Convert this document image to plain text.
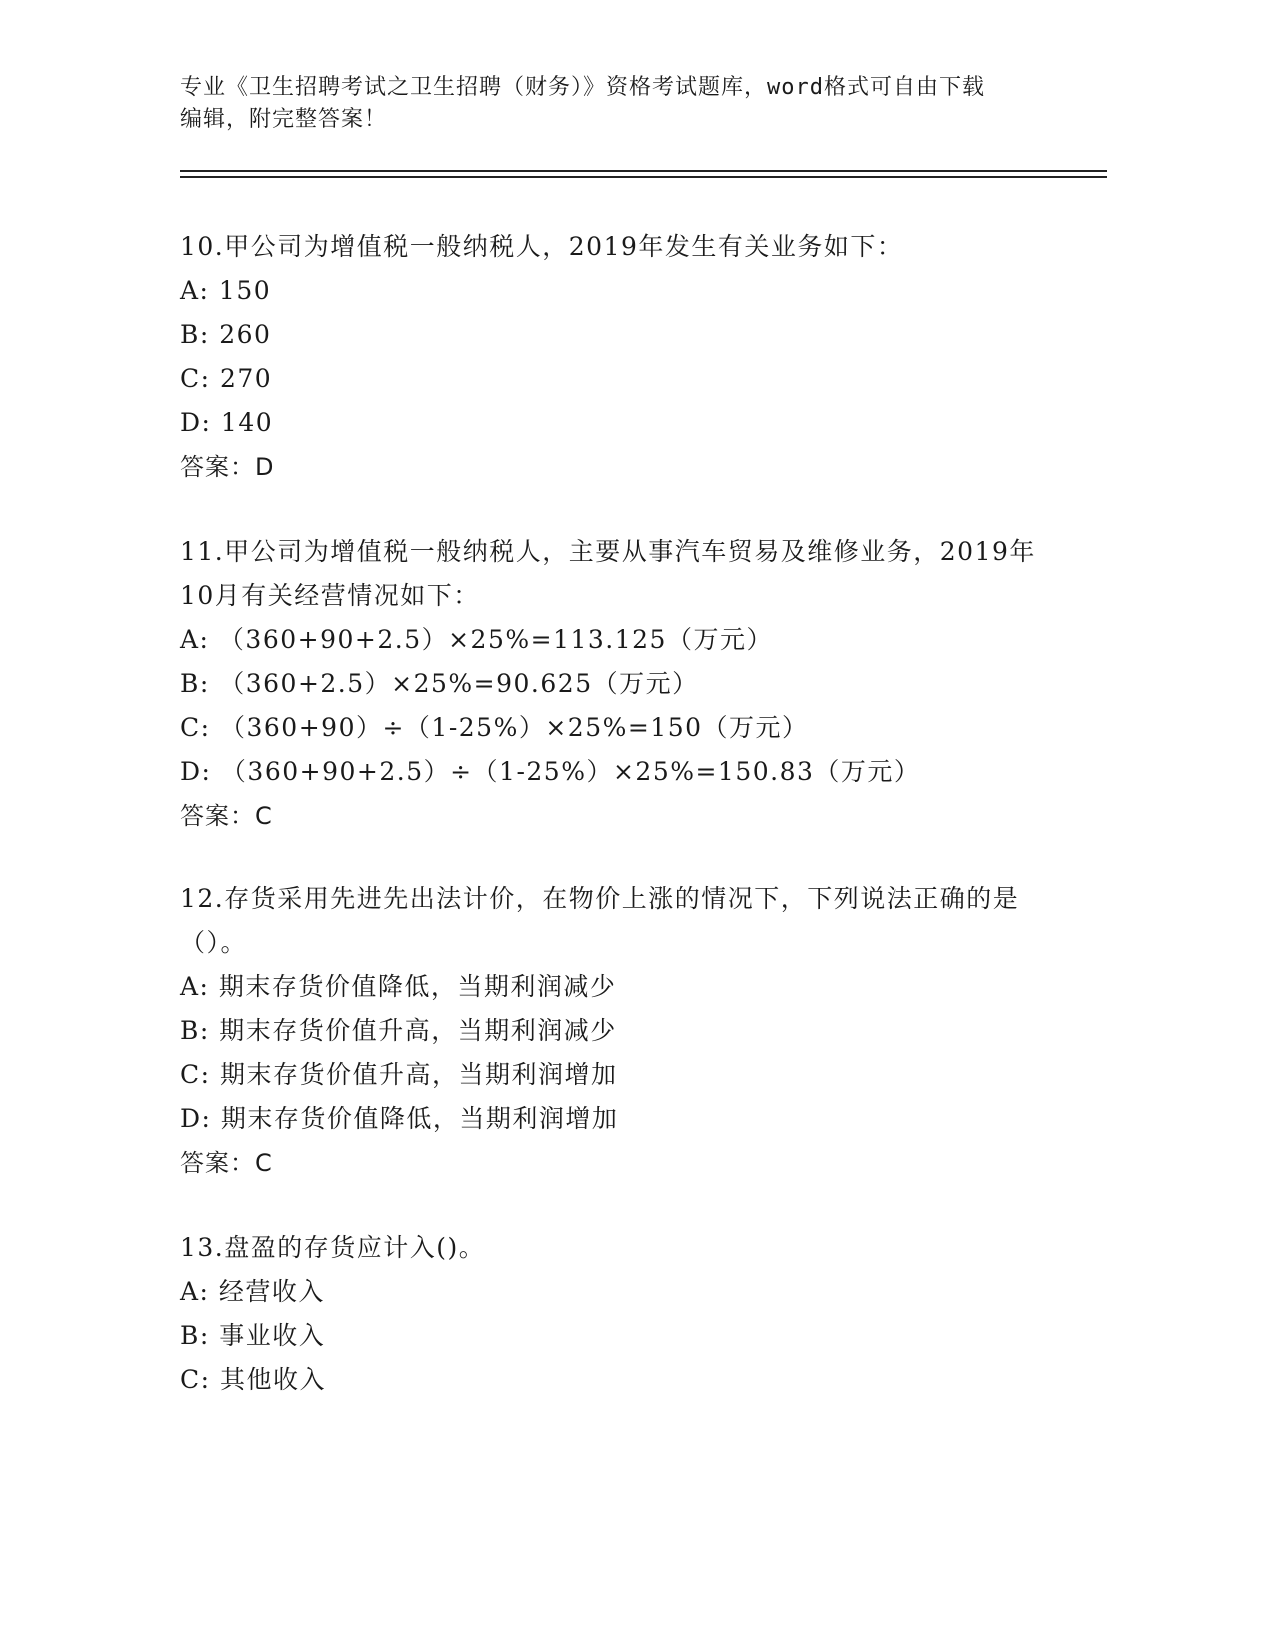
专业《卫生招聘考试之卫生招聘（财务）》资格考试题库，word格式可自由下载
编辑，附完整答案！

10.甲公司为增值税一般纳税人，2019年发生有关业务如下：

A: 150

B: 260

C: 270

D: 140

答案：D

11.甲公司为增值税一般纳税人，主要从事汽车贸易及维修业务，2019年10月有关经营情况如下：

A: （360+90+2.5）×25%=113.125（万元）

B: （360+2.5）×25%=90.625（万元）

C: （360+90）÷（1-25%）×25%=150（万元）

D: （360+90+2.5）÷（1-25%）×25%=150.83（万元）

答案：C

12.存货采用先进先出法计价，在物价上涨的情况下，下列说法正确的是（）。

A: 期末存货价值降低，当期利润减少

B: 期末存货价值升高，当期利润减少

C: 期末存货价值升高，当期利润增加

D: 期末存货价值降低，当期利润增加

答案：C

13.盘盈的存货应计入()。

A: 经营收入

B: 事业收入

C: 其他收入
